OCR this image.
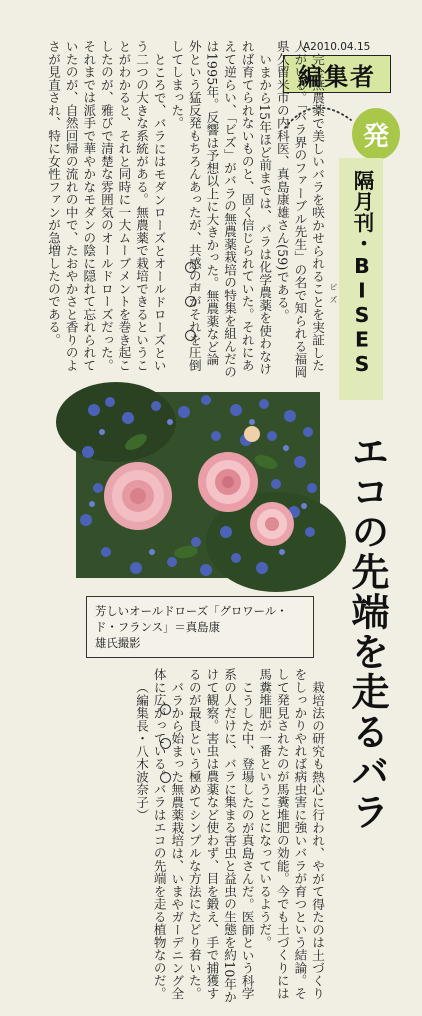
A2010.04.15
編集者
発
隔月刊・BISES
ビ ズ

完全無農薬で美しいバラを咲かせられることを実証した人がいる。「バラ界のファーブル先生」の名で知られる福岡県久留米市の内科医、真島康雄さん(59)である。

いまから15年ほど前までは、バラは化学農薬を使わなければ育てられないものと、固く信じられていた。それにあえて逆らい、「ビズ」がバラの無農薬栽培の特集を組んだのは1995年。反響は予想以上に大きかった。無農薬など論外という猛反発もちろんあったが、共感の声がそれを圧倒してしまった。

ところで、バラにはモダンローズとオールドローズという二つの大きな系統がある。無農薬で栽培できるということがわかると、それと同時に一大ムーブメントを巻き起こしたのが、雅びで清楚な雰囲気のオールドローズだった。それまでは派手で華やかなモダンの陰に隠れて忘れられていたのが、自然回帰の流れの中で、たおやかさと香りのよさが見直され、特に女性ファンが急増したのである。

芳しいオールドローズ「グロワール・ド・フランス」＝真島康
雄氏撮影

栽培法の研究も熱心に行われ、やがて得たのは土づくりをしっかりやれば病虫害に強いバラが育つという結論。そして発見されたのが馬糞堆肥の効能。今でも土づくりには馬糞堆肥が一番ということになっているようだ。

こうした中、登場したのが真島さんだ。医師という科学系の人だけに、バラに集まる害虫と益虫の生態を約10年かけて観察。害虫は農薬など使わず、目を鍛え、手で捕獲するのが最良という極めてシンプルな方法にたどり着いた。

バラから始まった無農薬栽培は、いまやガーデニング全体に広がっている。バラはエコの先端を走る植物なのだ。

（編集長・八木波奈子）	エコの先端を走るバラ
